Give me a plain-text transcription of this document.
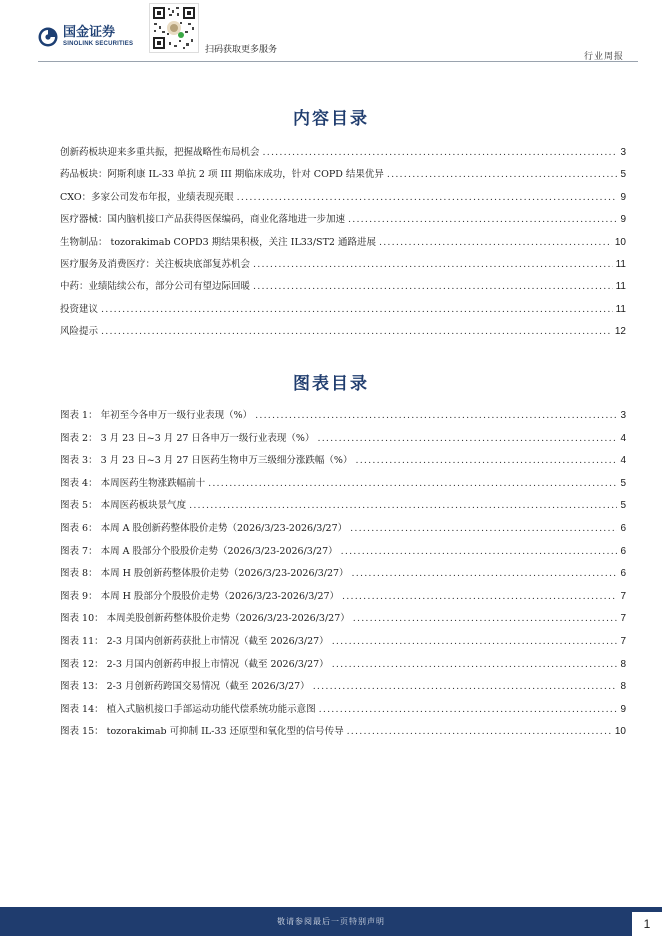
国金证券
SINOLINK SECURITIES
扫码获取更多服务
行业周报
内容目录
创新药板块迎来多重共振，把握战略性布局机会 .....	3
药品板块：阿斯利康 IL-33 单抗 2 项 III 期临床成功，针对 COPD 结果优异 .....	5
CXO：多家公司发布年报，业绩表现亮眼 .....	9
医疗器械：国内脑机接口产品获得医保编码，商业化落地进一步加速 .....	9
生物制品： tozorakimab COPD3 期结果积极，关注 IL33/ST2 通路进展 .....	10
医疗服务及消费医疗：关注板块底部复苏机会 .....	11
中药：业绩陆续公布，部分公司有望边际回暖 .....	11
投资建议 .....	11
风险提示 .....	12
图表目录
图表 1： 年初至今各申万一级行业表现（%） .....	3
图表 2： 3 月 23 日~3 月 27 日各申万一级行业表现（%） .....	4
图表 3： 3 月 23 日~3 月 27 日医药生物申万三级细分涨跌幅（%） .....	4
图表 4： 本周医药生物涨跌幅前十 .....	5
图表 5： 本周医药板块景气度 .....	5
图表 6： 本周 A 股创新药整体股价走势（2026/3/23-2026/3/27） .....	6
图表 7： 本周 A 股部分个股股价走势（2026/3/23-2026/3/27） .....	6
图表 8： 本周 H 股创新药整体股价走势（2026/3/23-2026/3/27） .....	6
图表 9： 本周 H 股部分个股股价走势（2026/3/23-2026/3/27） .....	7
图表 10： 本周美股创新药整体股价走势（2026/3/23-2026/3/27） .....	7
图表 11： 2-3 月国内创新药获批上市情况（截至 2026/3/27） .....	7
图表 12： 2-3 月国内创新药申报上市情况（截至 2026/3/27） .....	8
图表 13： 2-3 月创新药跨国交易情况（截至 2026/3/27） .....	8
图表 14： 植入式脑机接口手部运动功能代偿系统功能示意图 .....	9
图表 15： tozorakimab 可抑制 IL-33 还原型和氧化型的信号传导 .....	10
敬请参阅最后一页特别声明	1
